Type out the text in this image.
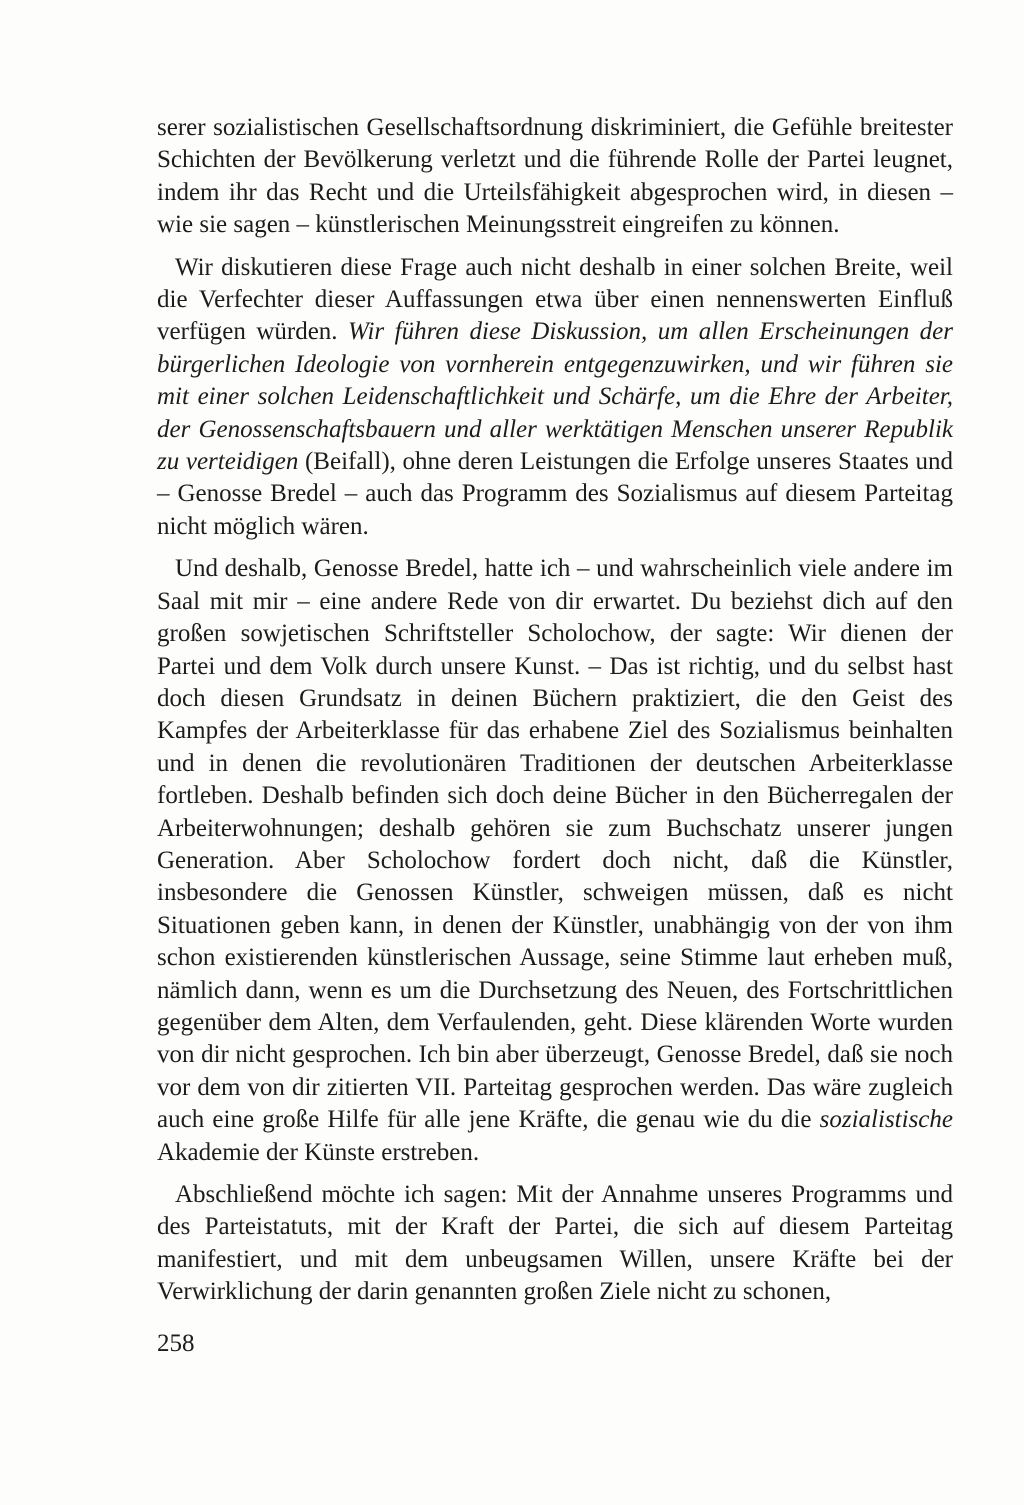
serer sozialistischen Gesellschaftsordnung diskriminiert, die Gefühle breitester Schichten der Bevölkerung verletzt und die führende Rolle der Partei leugnet, indem ihr das Recht und die Urteilsfähigkeit abgesprochen wird, in diesen – wie sie sagen – künstlerischen Meinungsstreit eingreifen zu können.

Wir diskutieren diese Frage auch nicht deshalb in einer solchen Breite, weil die Verfechter dieser Auffassungen etwa über einen nennenswerten Einfluß verfügen würden. Wir führen diese Diskussion, um allen Erscheinungen der bürgerlichen Ideologie von vornherein entgegenzuwirken, und wir führen sie mit einer solchen Leidenschaftlichkeit und Schärfe, um die Ehre der Arbeiter, der Genossenschaftsbauern und aller werktätigen Menschen unserer Republik zu verteidigen (Beifall), ohne deren Leistungen die Erfolge unseres Staates und – Genosse Bredel – auch das Programm des Sozialismus auf diesem Parteitag nicht möglich wären.

Und deshalb, Genosse Bredel, hatte ich – und wahrscheinlich viele andere im Saal mit mir – eine andere Rede von dir erwartet. Du beziehst dich auf den großen sowjetischen Schriftsteller Scholochow, der sagte: Wir dienen der Partei und dem Volk durch unsere Kunst. – Das ist richtig, und du selbst hast doch diesen Grundsatz in deinen Büchern praktiziert, die den Geist des Kampfes der Arbeiterklasse für das erhabene Ziel des Sozialismus beinhalten und in denen die revolutionären Traditionen der deutschen Arbeiterklasse fortleben. Deshalb befinden sich doch deine Bücher in den Bücherregalen der Arbeiterwohnungen; deshalb gehören sie zum Buchschatz unserer jungen Generation. Aber Scholochow fordert doch nicht, daß die Künstler, insbesondere die Genossen Künstler, schweigen müssen, daß es nicht Situationen geben kann, in denen der Künstler, unabhängig von der von ihm schon existierenden künstlerischen Aussage, seine Stimme laut erheben muß, nämlich dann, wenn es um die Durchsetzung des Neuen, des Fortschrittlichen gegenüber dem Alten, dem Verfaulenden, geht. Diese klärenden Worte wurden von dir nicht gesprochen. Ich bin aber überzeugt, Genosse Bredel, daß sie noch vor dem von dir zitierten VII. Parteitag gesprochen werden. Das wäre zugleich auch eine große Hilfe für alle jene Kräfte, die genau wie du die sozialistische Akademie der Künste erstreben.

Abschließend möchte ich sagen: Mit der Annahme unseres Programms und des Parteistatuts, mit der Kraft der Partei, die sich auf diesem Parteitag manifestiert, und mit dem unbeugsamen Willen, unsere Kräfte bei der Verwirklichung der darin genannten großen Ziele nicht zu schonen,

258
